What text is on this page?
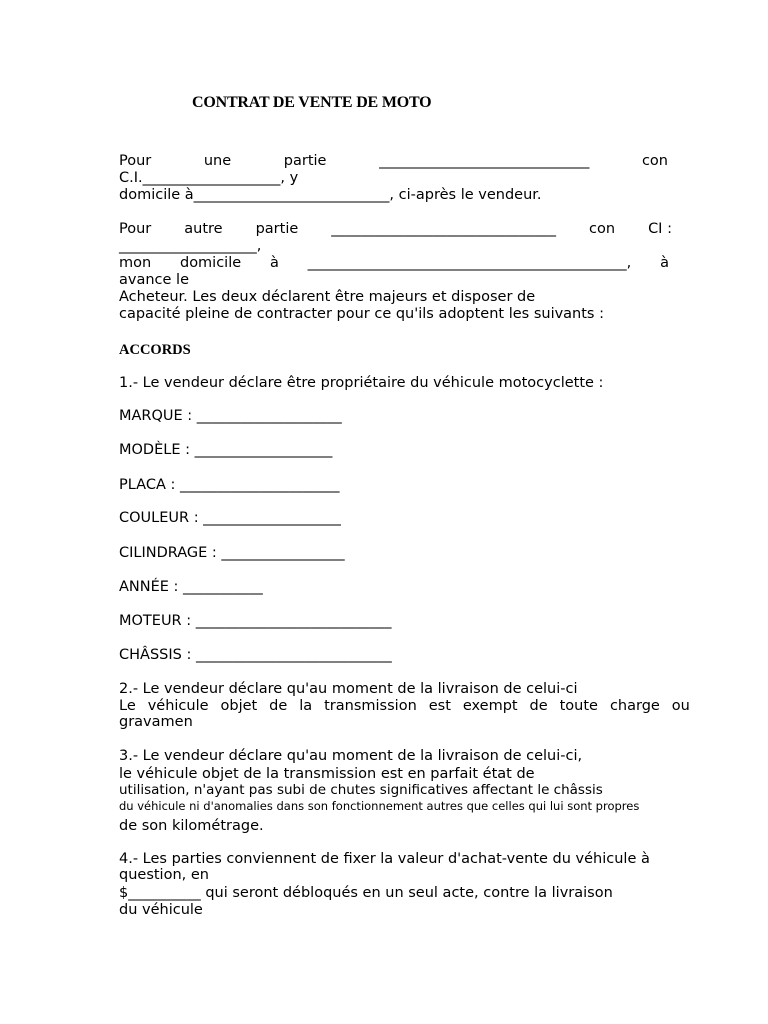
CONTRAT DE VENTE DE MOTO
Pour	une	partie	_____________________________	con
C.I.___________________, y
domicile à___________________________, ci-après le vendeur.
Pour autre partie _______________________________ con CI :
___________________,
mon domicile à ____________________________________________, à
avance le
Acheteur. Les deux déclarent être majeurs et disposer de
capacité pleine de contracter pour ce qu'ils adoptent les suivants :
ACCORDS
1.- Le vendeur déclare être propriétaire du véhicule motocyclette :
MARQUE : ____________________
MODÈLE : ___________________
PLACA : ______________________
COULEUR : ___________________
CILINDRAGE : _________________
ANNÉE : ___________
MOTEUR : ___________________________
CHÂSSIS : ___________________________
2.- Le vendeur déclare qu'au moment de la livraison de celui-ci
Le véhicule objet de la transmission est exempt de toute charge ou
gravamen
3.- Le vendeur déclare qu'au moment de la livraison de celui-ci,
le véhicule objet de la transmission est en parfait état de
utilisation, n'ayant pas subi de chutes significatives affectant le châssis
du véhicule ni d'anomalies dans son fonctionnement autres que celles qui lui sont propres
de son kilométrage.
4.- Les parties conviennent de fixer la valeur d'achat-vente du véhicule à
question, en
$__________ qui seront débloqués en un seul acte, contre la livraison
du véhicule
